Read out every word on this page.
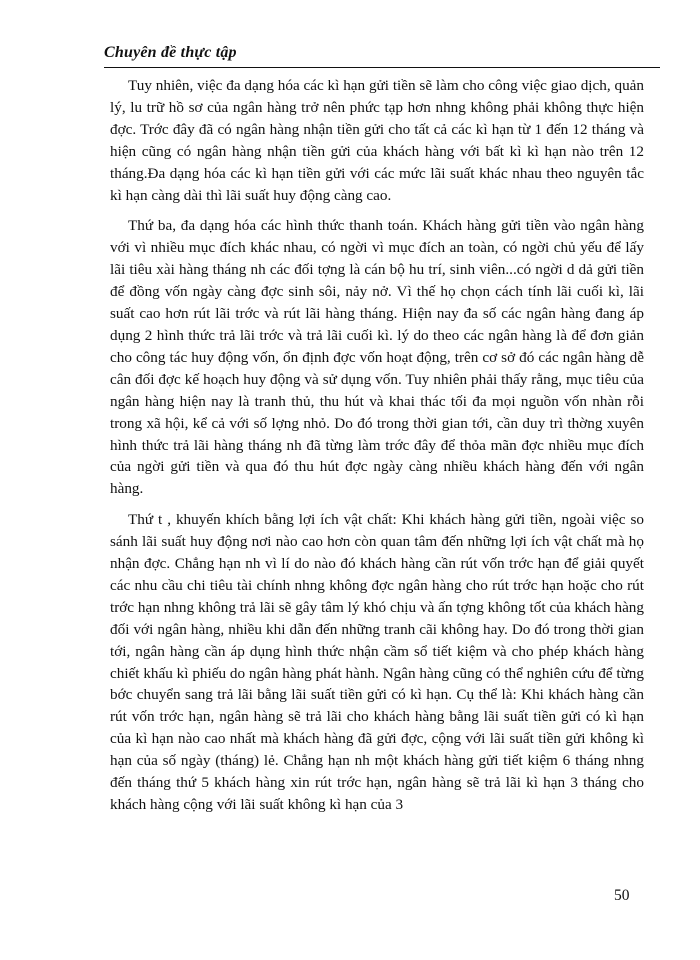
Chuyên đề thực tập

Tuy nhiên, việc đa dạng hóa các kì hạn gửi tiền sẽ làm cho công việc giao dịch, quản lý, lu trữ hồ sơ của ngân hàng trở nên phức tạp hơn nhng không phải không thực hiện đợc. Trớc đây đã có ngân hàng nhận tiền gửi cho tất cả các kì hạn từ 1 đến 12 tháng và hiện cũng có ngân hàng nhận tiền gửi của khách hàng với bất kì kì hạn nào trên 12 tháng.Đa dạng hóa các kì hạn tiền gửi với các mức lãi suất khác nhau theo nguyên tắc kì hạn càng dài thì lãi suất huy động càng cao.

Thứ ba, đa dạng hóa các hình thức thanh toán. Khách hàng gửi tiền vào ngân hàng với vì nhiều mục đích khác nhau, có ngời vì mục đích an toàn, có ngời chủ yếu để lấy lãi tiêu xài hàng tháng nh các đối tợng là cán bộ hu trí, sinh viên...có ngời d dả gửi tiền để đồng vốn ngày càng đợc sinh sôi, nảy nở. Vì thế họ chọn cách tính lãi cuối kì, lãi suất cao hơn rút lãi trớc và rút lãi hàng tháng. Hiện nay đa số các ngân hàng đang áp dụng 2 hình thức trả lãi trớc và trả lãi cuối kì. lý do theo các ngân hàng là để đơn giản cho công tác huy động vốn, ổn định đợc vốn hoạt động, trên cơ sở đó các ngân hàng dễ cân đối đợc kế hoạch huy động và sử dụng vốn. Tuy nhiên phải thấy rằng, mục tiêu của ngân hàng hiện nay là tranh thủ, thu hút và khai thác tối đa mọi nguồn vốn nhàn rỗi trong xã hội, kể cả với số lợng nhỏ. Do đó trong thời gian tới, cần duy trì thờng xuyên hình thức trả lãi hàng tháng nh đã từng làm trớc đây để thỏa mãn đợc nhiều mục đích của ngời gửi tiền và qua đó thu hút đợc ngày càng nhiều khách hàng đến với ngân hàng.

Thứ t , khuyến khích bằng lợi ích vật chất: Khi khách hàng gửi tiền, ngoài việc so sánh lãi suất huy động nơi nào cao hơn còn quan tâm đến những lợi ích vật chất mà họ nhận đợc. Chẳng hạn nh vì lí do nào đó khách hàng cần rút vốn trớc hạn để giải quyết các nhu cầu chi tiêu tài chính nhng không đợc ngân hàng cho rút trớc hạn hoặc cho rút trớc hạn nhng không trả lãi sẽ gây tâm lý khó chịu và ấn tợng không tốt của khách hàng đối với ngân hàng, nhiều khi dẫn đến những tranh cãi không hay. Do đó trong thời gian tới, ngân hàng cần áp dụng hình thức nhận cầm sổ tiết kiệm và cho phép khách hàng chiết khấu kì phiếu do ngân hàng phát hành. Ngân hàng cũng có thể nghiên cứu để từng bớc chuyển sang trả lãi bằng lãi suất tiền gửi có kì hạn. Cụ thể là: Khi khách hàng cần rút vốn trớc hạn, ngân hàng sẽ trả lãi cho khách hàng bằng lãi suất tiền gửi có kì hạn của kì hạn nào cao nhất mà khách hàng đã gửi đợc, cộng với lãi suất tiền gửi không kì hạn của số ngày (tháng) lẻ. Chẳng hạn nh một khách hàng gửi tiết kiệm 6 tháng nhng đến tháng thứ 5 khách hàng xin rút trớc hạn, ngân hàng sẽ trả lãi kì hạn 3 tháng cho khách hàng cộng với lãi suất không kì hạn của 3

50
